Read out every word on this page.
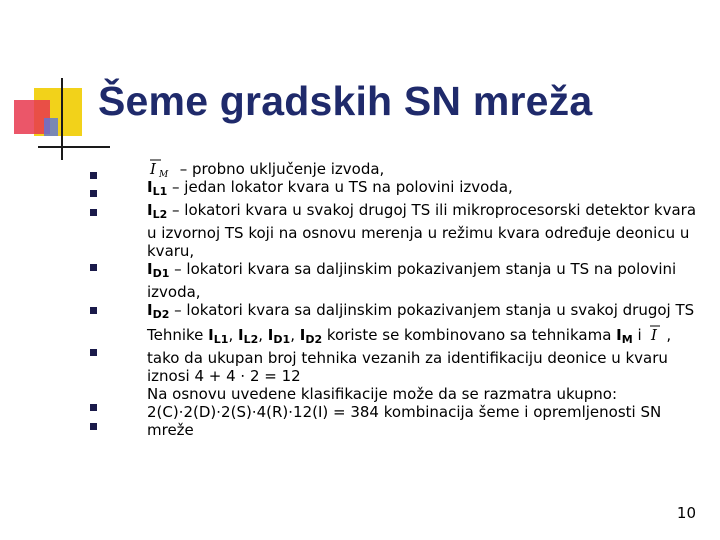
Šeme gradskih SN mreža

I M – probno uključenje izvoda,

$I_{L1}$ – jedan lokator kvara u TS na polovini izvoda,

$I_{L2}$ – lokatori kvara u svakoj drugoj TS ili mikroprocesorski detektor kvara u izvornoj TS koji na osnovu merenja u režimu kvara određuje deonicu u kvaru,

$I_{D1}$ – lokatori kvara sa daljinskim pokazivanjem stanja u TS na polovini izvoda,

$I_{D2}$ – lokatori kvara sa daljinskim pokazivanjem stanja u svakoj drugoj TS

Tehnike $I_{L1}$, $I_{L2}$, $I_{D1}$, $I_{D2}$ koriste se kombinovano sa tehnikama $I_M$ i I , tako da ukupan broj tehnika vezanih za identifikaciju deonice u kvaru iznosi 4 + 4 ⋅ 2 = 12

Na osnovu uvedene klasifikacije može da se razmatra ukupno:

2(C)⋅2(D)⋅2(S)⋅4(R)⋅12(I) = 384 kombinacija šeme i opremljenosti SN mreže

10
